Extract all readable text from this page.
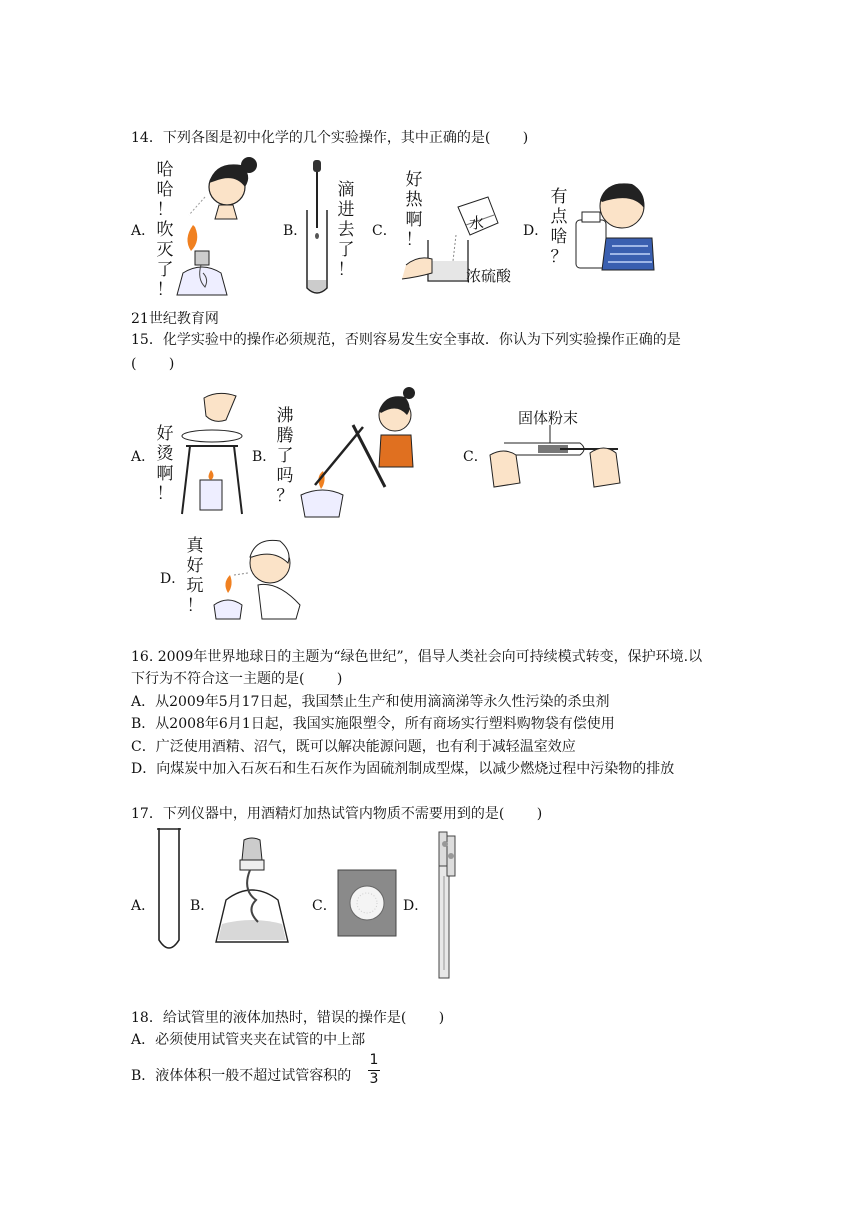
14．下列各图是初中化学的几个实验操作，其中正确的是(　　 )
A．
哈
哈
！
吹
灭
了
！
B．
滴
进
去
了
！
C．
好
热
啊
！
水
浓硫酸
D．
有
点
啥
？
21世纪教育网
15．化学实验中的操作必须规范，否则容易发生安全事故．你认为下列实验操作正确的是
(　　 )
A．
好
烫
啊
！
B．
沸
腾
了
吗
？
C．
固体粉末
D．
真
好
玩
！
16. 2009年世界地球日的主题为“绿色世纪”，倡导人类社会向可持续模式转变，保护环境.以
下行为不符合这一主题的是(　　 )
A．从2009年5月17日起，我国禁止生产和使用滴滴涕等永久性污染的杀虫剂
B．从2008年6月1日起，我国实施限塑令，所有商场实行塑料购物袋有偿使用
C．广泛使用酒精、沼气，既可以解决能源问题，也有利于减轻温室效应
D．向煤炭中加入石灰石和生石灰作为固硫剂制成型煤，以减少燃烧过程中污染物的排放
17．下列仪器中，用酒精灯加热试管内物质不需要用到的是(　　 )
A． B．	C．	D．
18．给试管里的液体加热时，错误的操作是(　　 )
A．必须使用试管夹夹在试管的中上部
B．液体体积一般不超过试管容积的
1
3
